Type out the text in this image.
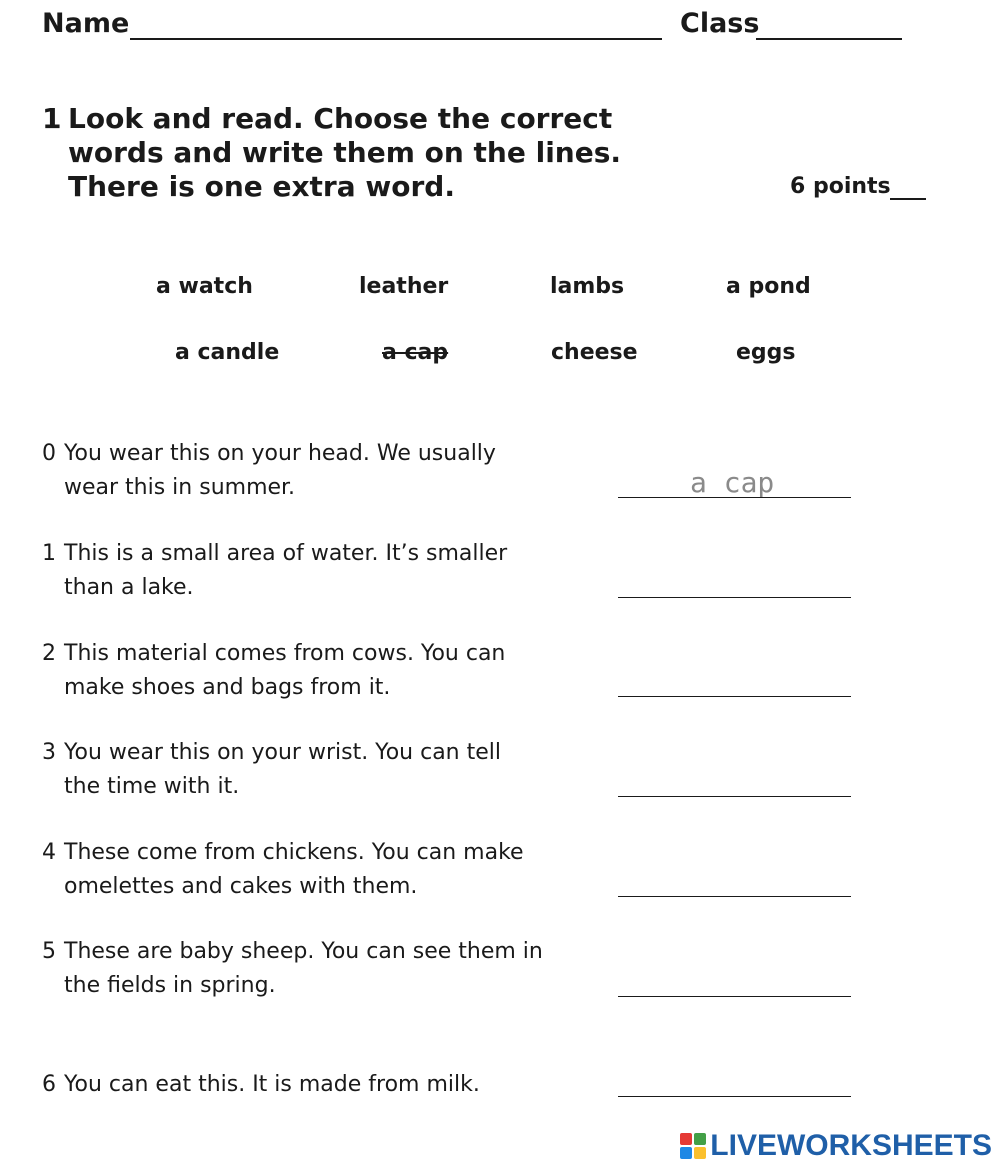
Name	Class
1 Look and read. Choose the correct words and write them on the lines. There is one extra word.	6 points
a watch	leather	lambs	a pond
a candle	a cap	cheese	eggs
0 You wear this on your head. We usually
wear this in summer.	a cap
1 This is a small area of water. It’s smaller
than a lake.
2 This material comes from cows. You can
make shoes and bags from it.
3 You wear this on your wrist. You can tell
the time with it.
4 These come from chickens. You can make
omelettes and cakes with them.
5 These are baby sheep. You can see them in
the fields in spring.
6 You can eat this. It is made from milk.
LIVEWORKSHEETS
